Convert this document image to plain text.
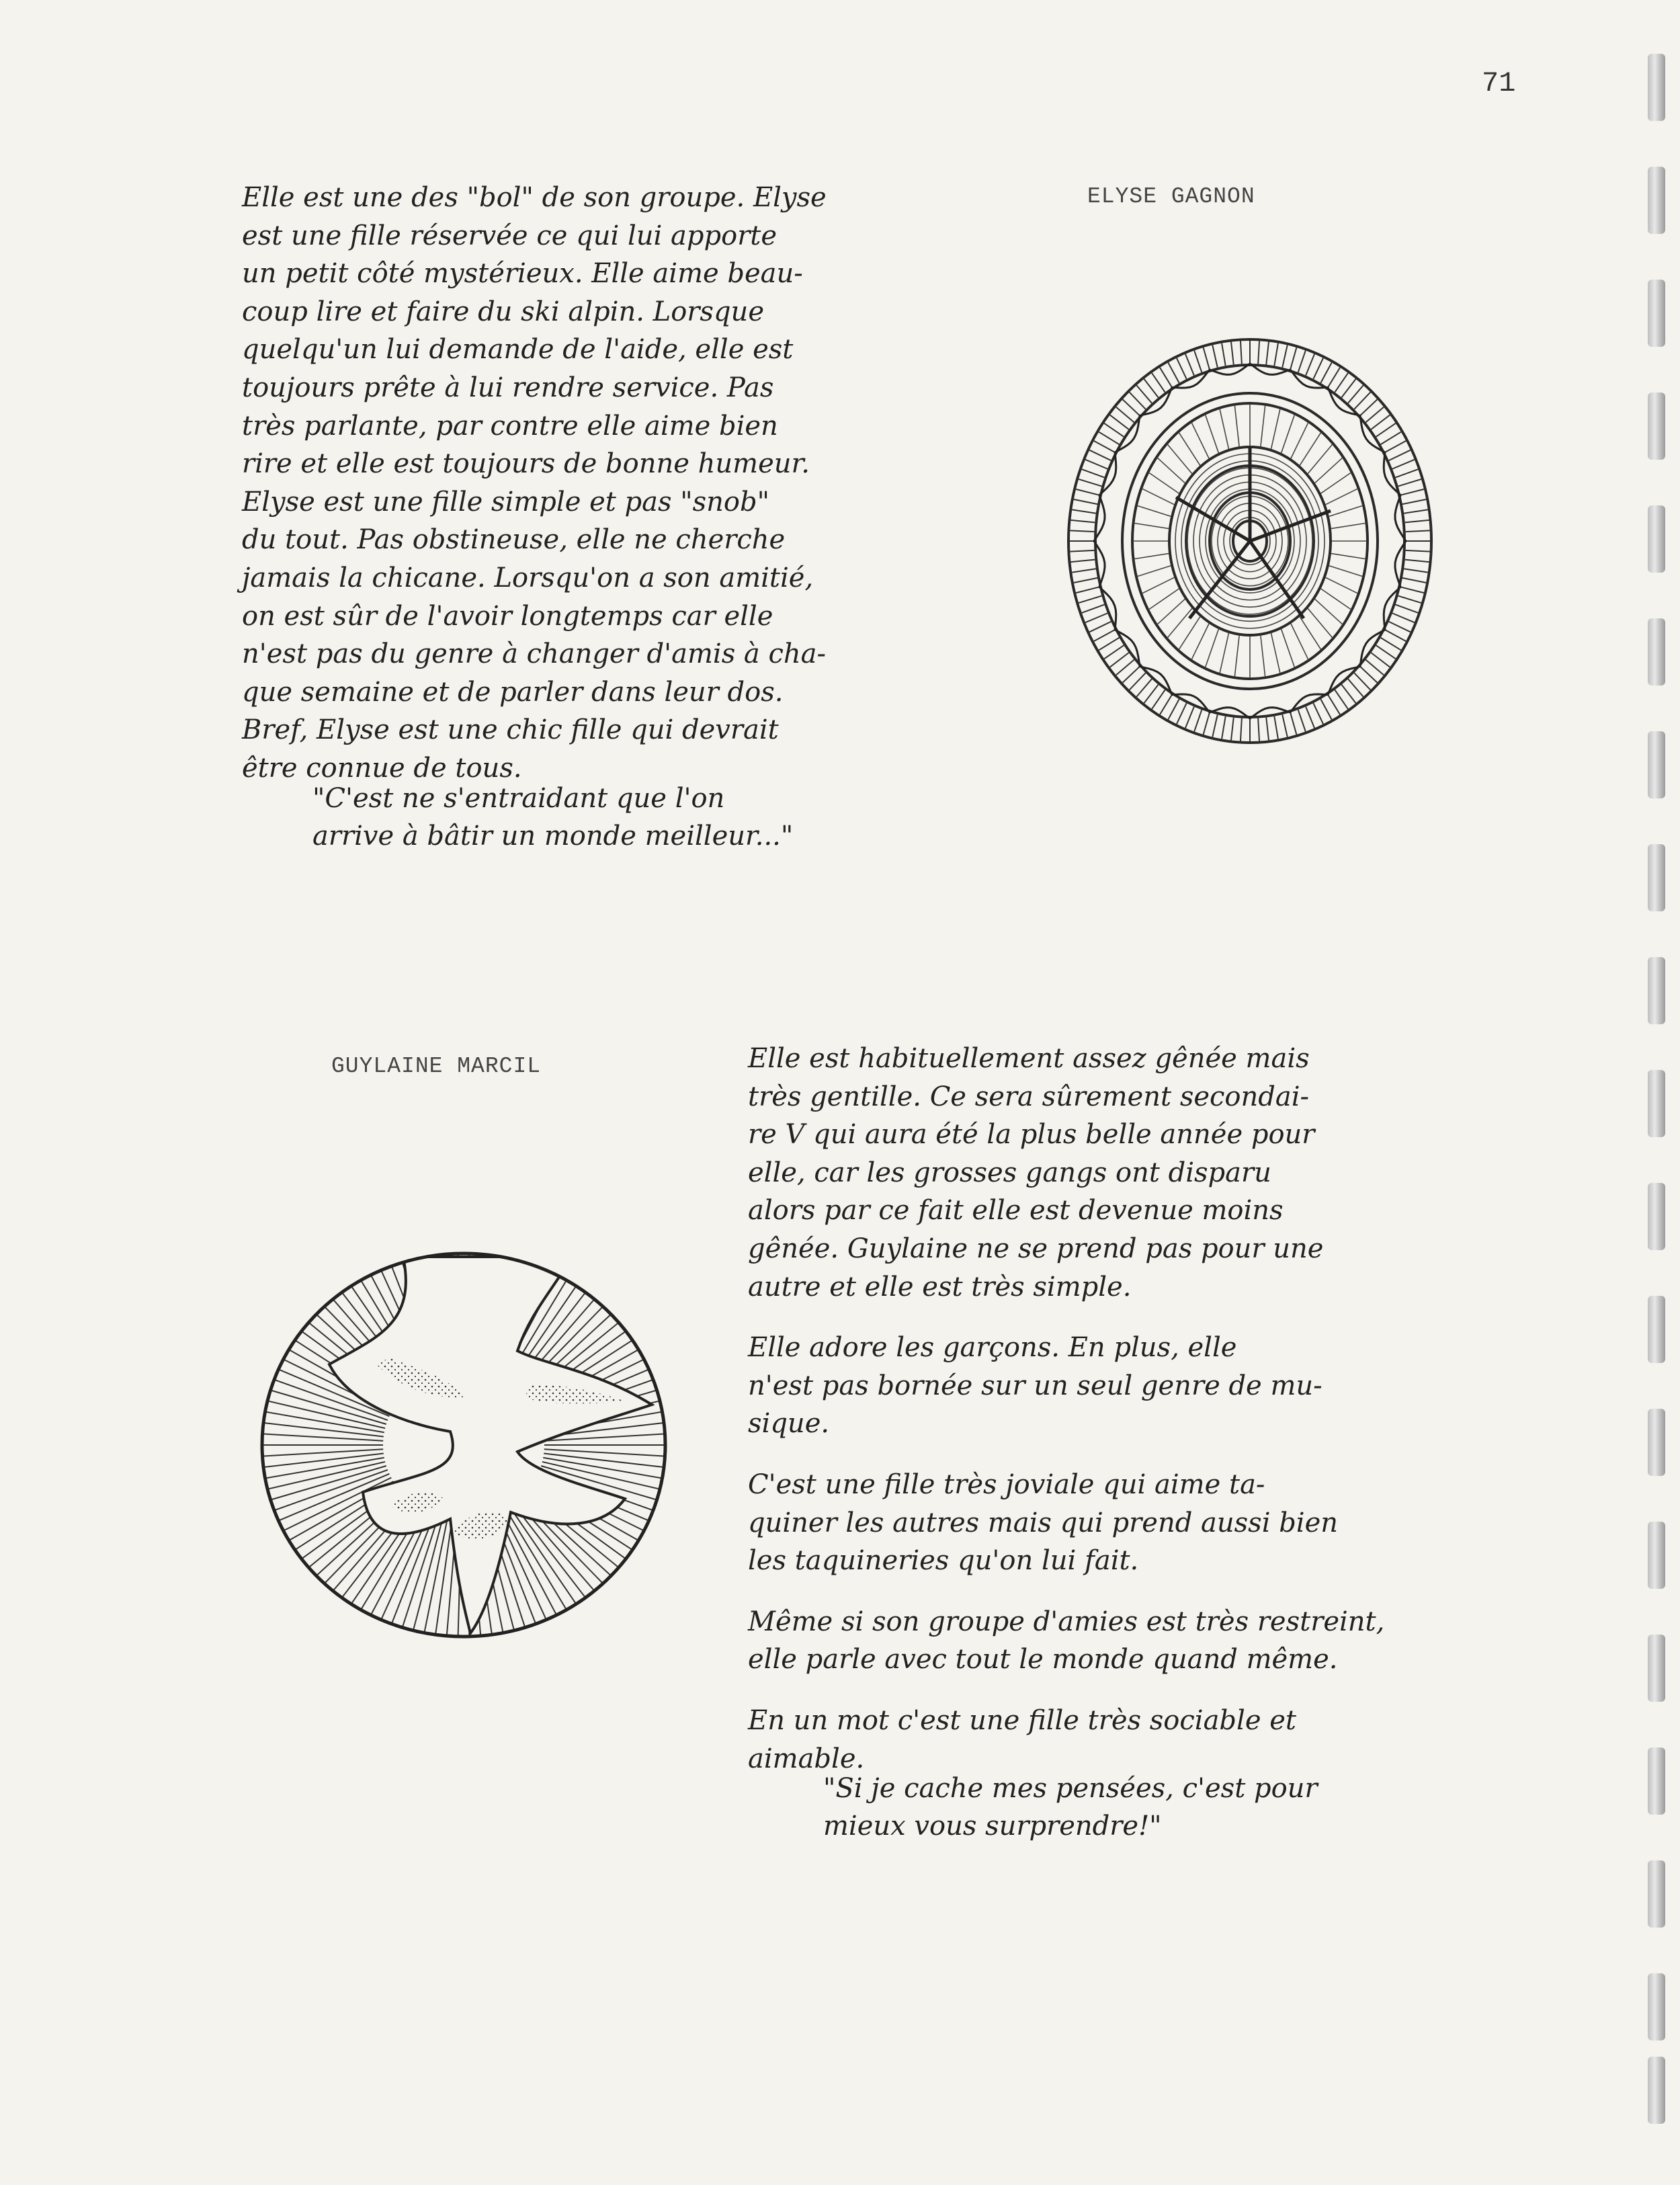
71
Elle est une des "bol" de son groupe. Elyse
est une fille réservée ce qui lui apporte
un petit côté mystérieux. Elle aime beau-
coup lire et faire du ski alpin. Lorsque
quelqu'un lui demande de l'aide, elle est
toujours prête à lui rendre service. Pas
très parlante, par contre elle aime bien
rire et elle est toujours de bonne humeur.
Elyse est une fille simple et pas "snob"
du tout. Pas obstineuse, elle ne cherche
jamais la chicane. Lorsqu'on a son amitié,
on est sûr de l'avoir longtemps car elle
n'est pas du genre à changer d'amis à cha-
que semaine et de parler dans leur dos.
Bref, Elyse est une chic fille qui devrait
être connue de tous.
ELYSE GAGNON
"C'est ne s'entraidant que l'on
arrive à bâtir un monde meilleur..."
GUYLAINE MARCIL	Elle est habituellement assez gênée mais
très gentille. Ce sera sûrement secondai-
re V qui aura été la plus belle année pour
elle, car les grosses gangs ont disparu
alors par ce fait elle est devenue moins
gênée. Guylaine ne se prend pas pour une
autre et elle est très simple.

Elle adore les garçons. En plus, elle
n'est pas bornée sur un seul genre de mu-
sique.

C'est une fille très joviale qui aime ta-
quiner les autres mais qui prend aussi bien
les taquineries qu'on lui fait.

Même si son groupe d'amies est très restreint,
elle parle avec tout le monde quand même.

En un mot c'est une fille très sociable et
aimable.

"Si je cache mes pensées, c'est pour
mieux vous surprendre!"
